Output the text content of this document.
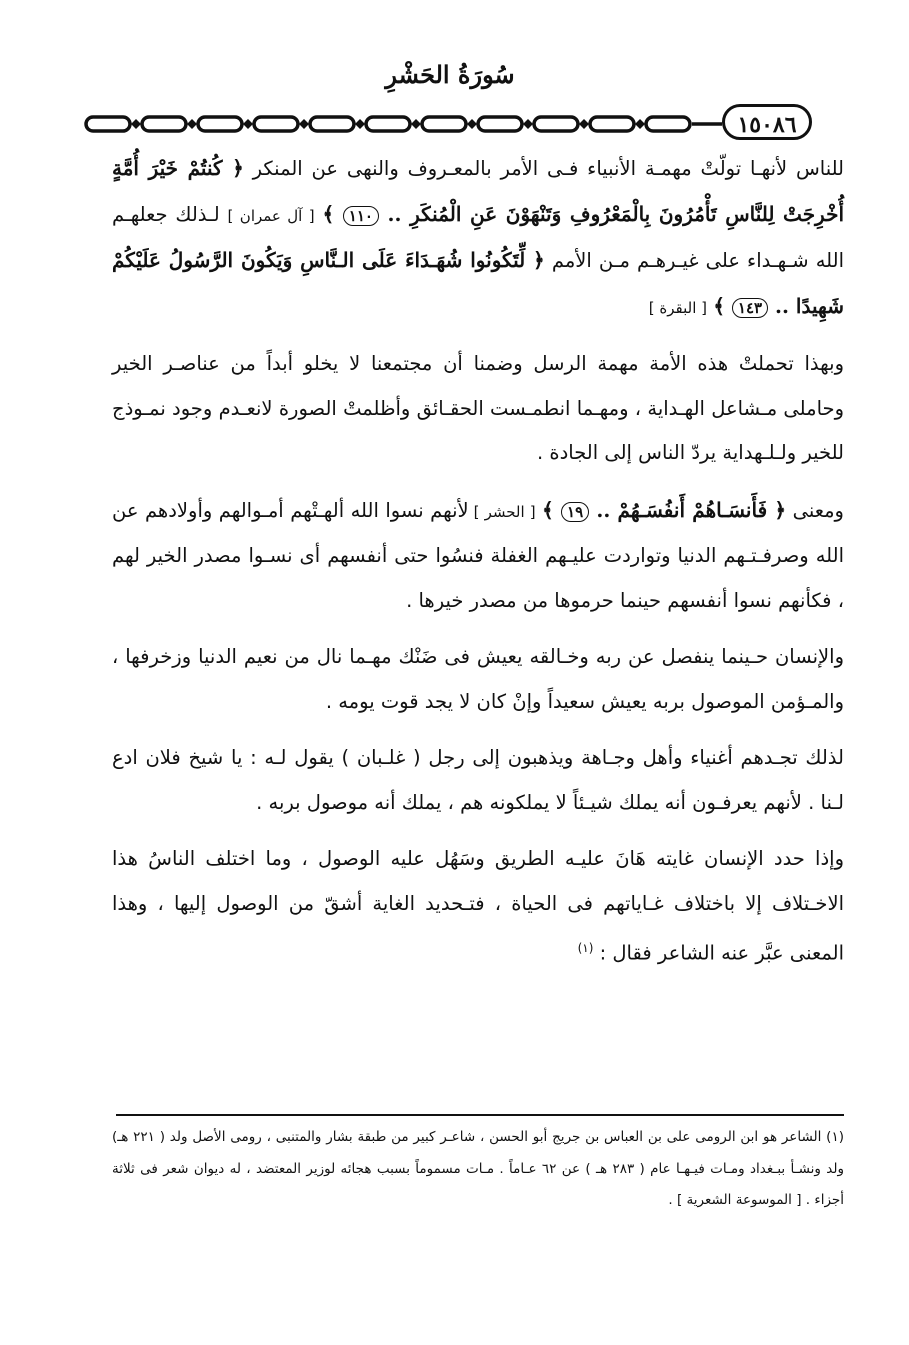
سُورَةُ الحَشْرِ
١٥٠٨٦

للناس لأنهـا تولّتْ مهمـة الأنبياء فـى الأمر بالمعـروف والنهى عن المنكر ﴿ كُنتُمْ خَيْرَ أُمَّةٍ أُخْرِجَتْ لِلنَّاسِ تَأْمُرُونَ بِالْمَعْرُوفِ وَتَنْهَوْنَ عَنِ الْمُنكَرِ .. ١١٠ ﴾ [ آل عمران ] لـذلك جعلهـم الله شـهـداء على غيـرهـم مـن الأمم ﴿ لِّتَكُونُوا شُهَـدَاءَ عَلَى الـنَّاسِ وَيَكُونَ الرَّسُولُ عَلَيْكُمْ شَهِيدًا .. ١٤٣ ﴾ [ البقرة ]

وبهذا تحملتْ هذه الأمة مهمة الرسل وضمنا أن مجتمعنا لا يخلو أبداً من عناصـر الخير وحاملى مـشاعل الهـداية ، ومهـما انطمـست الحقـائق وأظلمتْ الصورة لانعـدم وجود نمـوذج للخير ولـلـهداية يردّ الناس إلى الجادة .

ومعنى ﴿ فَأَنسَـاهُمْ أَنفُسَـهُمْ .. ١٩ ﴾ [ الحشر ] لأنهم نسوا الله ألهـتْهم أمـوالهم وأولادهم عن الله وصرفـتـهم الدنيا وتواردت عليـهم الغفلة فنسُوا حتى أنفسهم أى نسـوا مصدر الخير لهم ، فكأنهم نسوا أنفسهم حينما حرموها من مصدر خيرها .

والإنسان حـينما ينفصل عن ربه وخـالقه يعيش فى ضَنْك مهـما نال من نعيم الدنيا وزخرفها ، والمـؤمن الموصول بربه يعيش سعيداً وإنْ كان لا يجد قوت يومه .

لذلك تجـدهم أغنياء وأهل وجـاهة ويذهبون إلى رجل ( غلـبان ) يقول لـه : يا شيخ فلان ادع لـنا . لأنهم يعرفـون أنه يملك شيـئاً لا يملكونه هم ، يملك أنه موصول بربه .

وإذا حدد الإنسان غايته هَانَ عليـه الطريق وسَهُل عليه الوصول ، وما اختلف الناسُ هذا الاخـتلاف إلا باختلاف غـاياتهم فى الحياة ، فتـحديد الغاية أشقّ من الوصول إليها ، وهذا المعنى عبَّر عنه الشاعر فقال : $^{(١)}$

(١) الشاعر هو ابن الرومى على بن العباس بن جريج أبو الحسن ، شاعـر كبير من طبقة بشار والمتنبى ، رومى الأصل ولد ( ٢٢١ هـ) ولد ونشـأ ببـغداد ومـات فيـهـا عام ( ٢٨٣ هـ ) عن ٦٢ عـاماً . مـات مسموماً بسبب هجائه لوزير المعتضد ، له ديوان شعر فى ثلاثة أجزاء . [ الموسوعة الشعرية ] .
